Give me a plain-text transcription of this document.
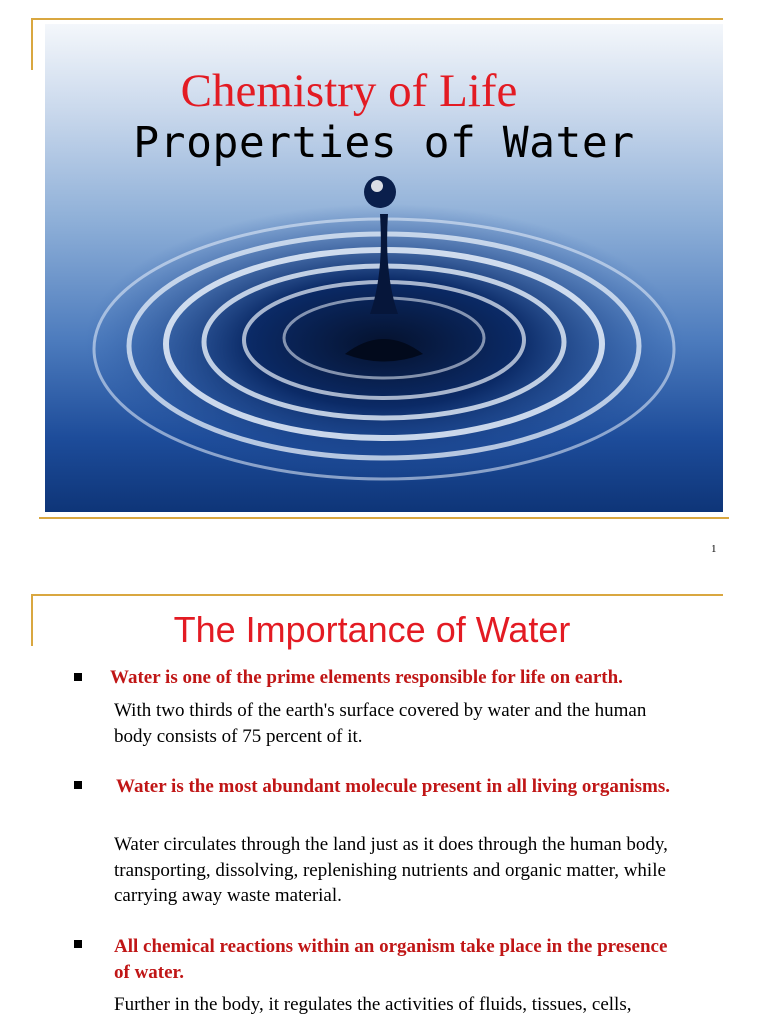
Chemistry of Life
Properties of Water
1
The Importance of Water
Water is one of the prime elements responsible for life on earth.
With two thirds of the earth's surface covered by water and the human body consists of 75 percent of it.
Water is the most abundant molecule present in all living organisms.
Water circulates through the land just as it does through the human body, transporting, dissolving, replenishing nutrients and organic matter, while carrying away waste material.
All chemical reactions within an organism take place in the presence of water.
Further in the body, it regulates the activities of fluids, tissues, cells,
